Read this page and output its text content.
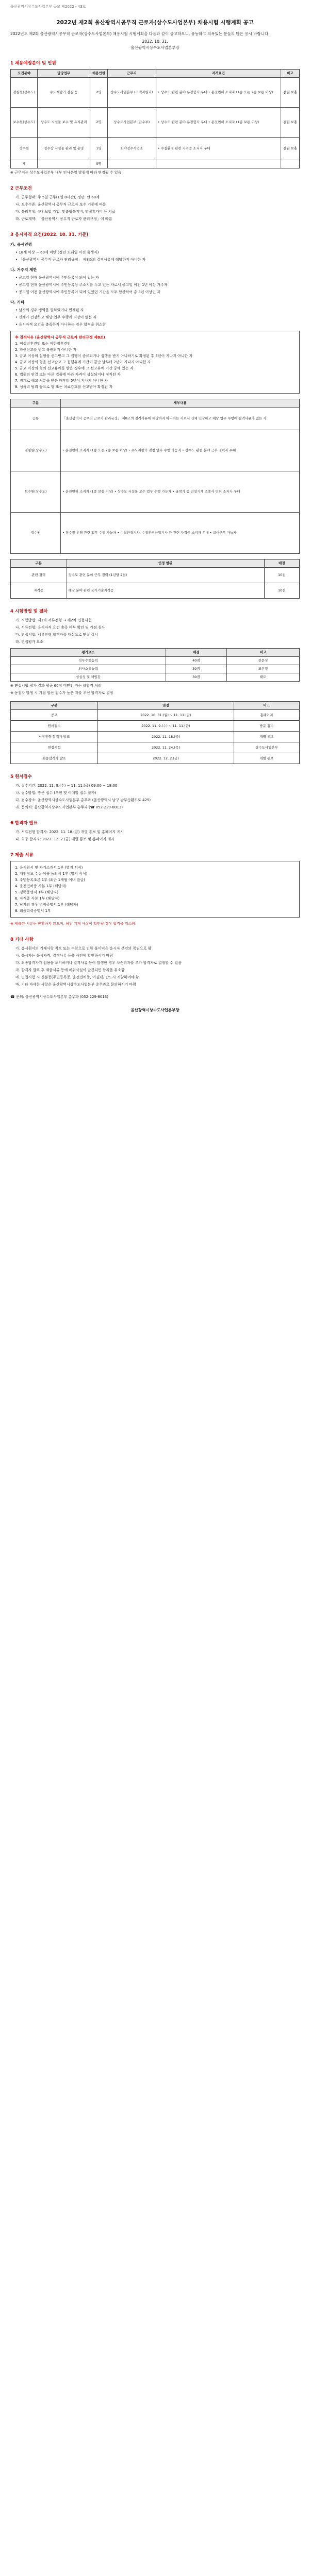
울산광역시상수도사업본부 공고 제2022 - 43호
2022년 제2회 울산광역시공무직 근로자(상수도사업본부) 채용시험 시행계획 공고
2022년도 제2회 울산광역시공무직 근로자(상수도사업본부) 채용시험 시행계획을 다음과 같이 공고하오니, 유능하고 의욕있는 분들의 많은 응시 바랍니다.
2022. 10. 31.
울산광역시상수도사업본부장
1 채용예정분야 및 인원
모집분야	담당업무	채용인원	근무지	자격요건	비고
검침원(상수도)	수도계량기 검침 등	2명	상수도사업본부 (고객지원과)	• 상수도 관련 분야 유경험자 우대 • 운전면허 소지자 (1종 또는 2종 보통 이상)	결원 보충
보수원(상수도)	상수도 시설물 보수 및 유지관리	2명	상수도사업본부 (급수부)	• 상수도 관련 분야 유경험자 우대 • 운전면허 소지자 (1종 보통 이상)	결원 보충
정수원	정수장 시설물 관리 및 운영	1명	회야정수사업소	• 수질환경 관련 자격증 소지자 우대	결원 보충
계		5명			
※ 근무지는 상수도사업본부 내부 인사운영 방침에 따라 변경될 수 있음
2 근무조건
가. 근무형태: 주 5일 근무(1일 8시간), 정년: 만 60세
나. 보수수준: 울산광역시 공무직 근로자 보수 기준에 따름
다. 복리후생: 4대 보험 가입, 맞춤형복지비, 명절휴가비 등 지급
라. 근로계약: 「울산광역시 공무직 근로자 관리규정」에 따름
3 응시자격 요건(2022. 10. 31. 기준)
가. 응시연령
• 18세 이상 ~ 60세 미만 (정년 도래일 이전 출생자)
• 「울산광역시 공무직 근로자 관리규정」 제8조의 결격사유에 해당하지 아니한 자
나. 거주지 제한
• 공고일 현재 울산광역시에 주민등록이 되어 있는 자
• 공고일 현재 울산광역시에 주민등록상 주소지를 두고 있는 자로서 공고일 이전 1년 이상 거주자
• 공고일 이전 울산광역시에 주민등록이 되어 있었던 기간을 모두 합산하여 총 3년 이상인 자
다. 기타
• 남자의 경우 병역을 필하였거나 면제된 자
• 신체가 건강하고 해당 업무 수행에 지장이 없는 자
• 응시자격 요건을 충족하지 아니하는 경우 합격을 취소함
※ 결격사유 (울산광역시 공무직 근로자 관리규정 제8조)
1. 피성년후견인 또는 피한정후견인
2. 파산선고를 받고 복권되지 아니한 자
3. 금고 이상의 실형을 선고받고 그 집행이 종료되거나 집행을 받지 아니하기로 확정된 후 5년이 지나지 아니한 자
4. 금고 이상의 형을 선고받고 그 집행유예 기간이 끝난 날부터 2년이 지나지 아니한 자
5. 금고 이상의 형의 선고유예를 받은 경우에 그 선고유예 기간 중에 있는 자
6. 법원의 판결 또는 다른 법률에 따라 자격이 상실되거나 정지된 자
7. 징계로 해고 처분을 받은 때부터 5년이 지나지 아니한 자
8. 성폭력 범죄 등으로 형 또는 치료감호를 선고받아 확정된 자
구분	세부내용
공통	「울산광역시 공무직 근로자 관리규정」 제8조의 결격사유에 해당하지 아니하는 자로서 신체 건강하고 해당 업무 수행에 결격사유가 없는 자
검침원(상수도)	• 운전면허 소지자 (1종 또는 2종 보통 이상) • 수도계량기 검침 업무 수행 가능자 • 상수도 관련 분야 근무 경력자 우대
보수원(상수도)	• 운전면허 소지자 (1종 보통 이상) • 상수도 시설물 보수 업무 수행 가능자 • 굴착기 등 건설기계 조종사 면허 소지자 우대
정수원	• 정수장 운영 관련 업무 수행 가능자 • 수질환경기사, 수질환경산업기사 등 관련 자격증 소지자 우대 • 교대근무 가능자
구분	인정 범위	배점
관련 경력	상수도 관련 분야 근무 경력 (1년당 2점)	10점
자격증	해당 분야 관련 국가기술자격증	10점
4 시험방법 및 절차
가. 시험방법: 제1차 서류전형 → 제2차 면접시험
나. 서류전형: 응시자격 요건 충족 여부 확인 및 가점 심사
다. 면접시험: 서류전형 합격자를 대상으로 면접 실시
라. 면접평가 요소
평가요소	배점	비고
직무수행능력	40점	전문성
의사소통능력	30점	표현력
성실성 및 책임감	30점	태도
※ 면접시험 평가 결과 평균 60점 미만인 자는 불합격 처리
※ 동점자 발생 시 가점 합산 점수가 높은 자를 우선 합격자로 결정
구분	일정	비고
공고	2022. 10. 31.(월) ~ 11. 11.(금)	홈페이지
원서접수	2022. 11. 9.(수) ~ 11. 11.(금)	방문 접수
서류전형 합격자 발표	2022. 11. 18.(금)	개별 통보
면접시험	2022. 11. 24.(목)	상수도사업본부
최종합격자 발표	2022. 12. 2.(금)	개별 통보
5 원서접수
가. 접수기간: 2022. 11. 9.(수) ~ 11. 11.(금) 09:00 ~ 18:00
나. 접수방법: 방문 접수 (우편 및 이메일 접수 불가)
다. 접수장소: 울산광역시상수도사업본부 총무과 (울산광역시 남구 남부순환도로 425)
라. 문의처: 울산광역시상수도사업본부 총무과 (☎ 052-229-8013)
6 합격자 발표
가. 서류전형 합격자: 2022. 11. 18.(금) 개별 통보 및 홈페이지 게시
나. 최종 합격자: 2022. 12. 2.(금) 개별 통보 및 홈페이지 게시
7 제출 서류
1. 응시원서 및 자기소개서 1부 (별지 서식)
2. 개인정보 수집·이용 동의서 1부 (별지 서식)
3. 주민등록초본 1부 (최근 1개월 이내 발급)
4. 운전면허증 사본 1부 (해당자)
5. 경력증명서 1부 (해당자)
6. 자격증 사본 1부 (해당자)
7. 남자의 경우 병적증명서 1부 (해당자)
8. 최종학력증명서 1부
※ 제출된 서류는 반환하지 않으며, 허위 기재 사실이 확인될 경우 합격을 취소함
8 기타 사항
가. 응시원서의 기재사항 착오 또는 누락으로 인한 불이익은 응시자 본인의 책임으로 함
나. 응시자는 응시자격, 결격사유 등을 사전에 확인하시기 바람
다. 최종합격자가 임용을 포기하거나 결격사유 등이 발생한 경우 차순위자를 추가 합격자로 결정할 수 있음
라. 합격자 발표 후 제출서류 등에 허위사실이 발견되면 합격을 취소함
마. 면접시험 시 신분증(주민등록증, 운전면허증, 여권)을 반드시 지참하여야 함
바. 기타 자세한 사항은 울산광역시상수도사업본부 총무과로 문의하시기 바람
☎ 문의: 울산광역시상수도사업본부 총무과 (052-229-8013)
울산광역시상수도사업본부장
